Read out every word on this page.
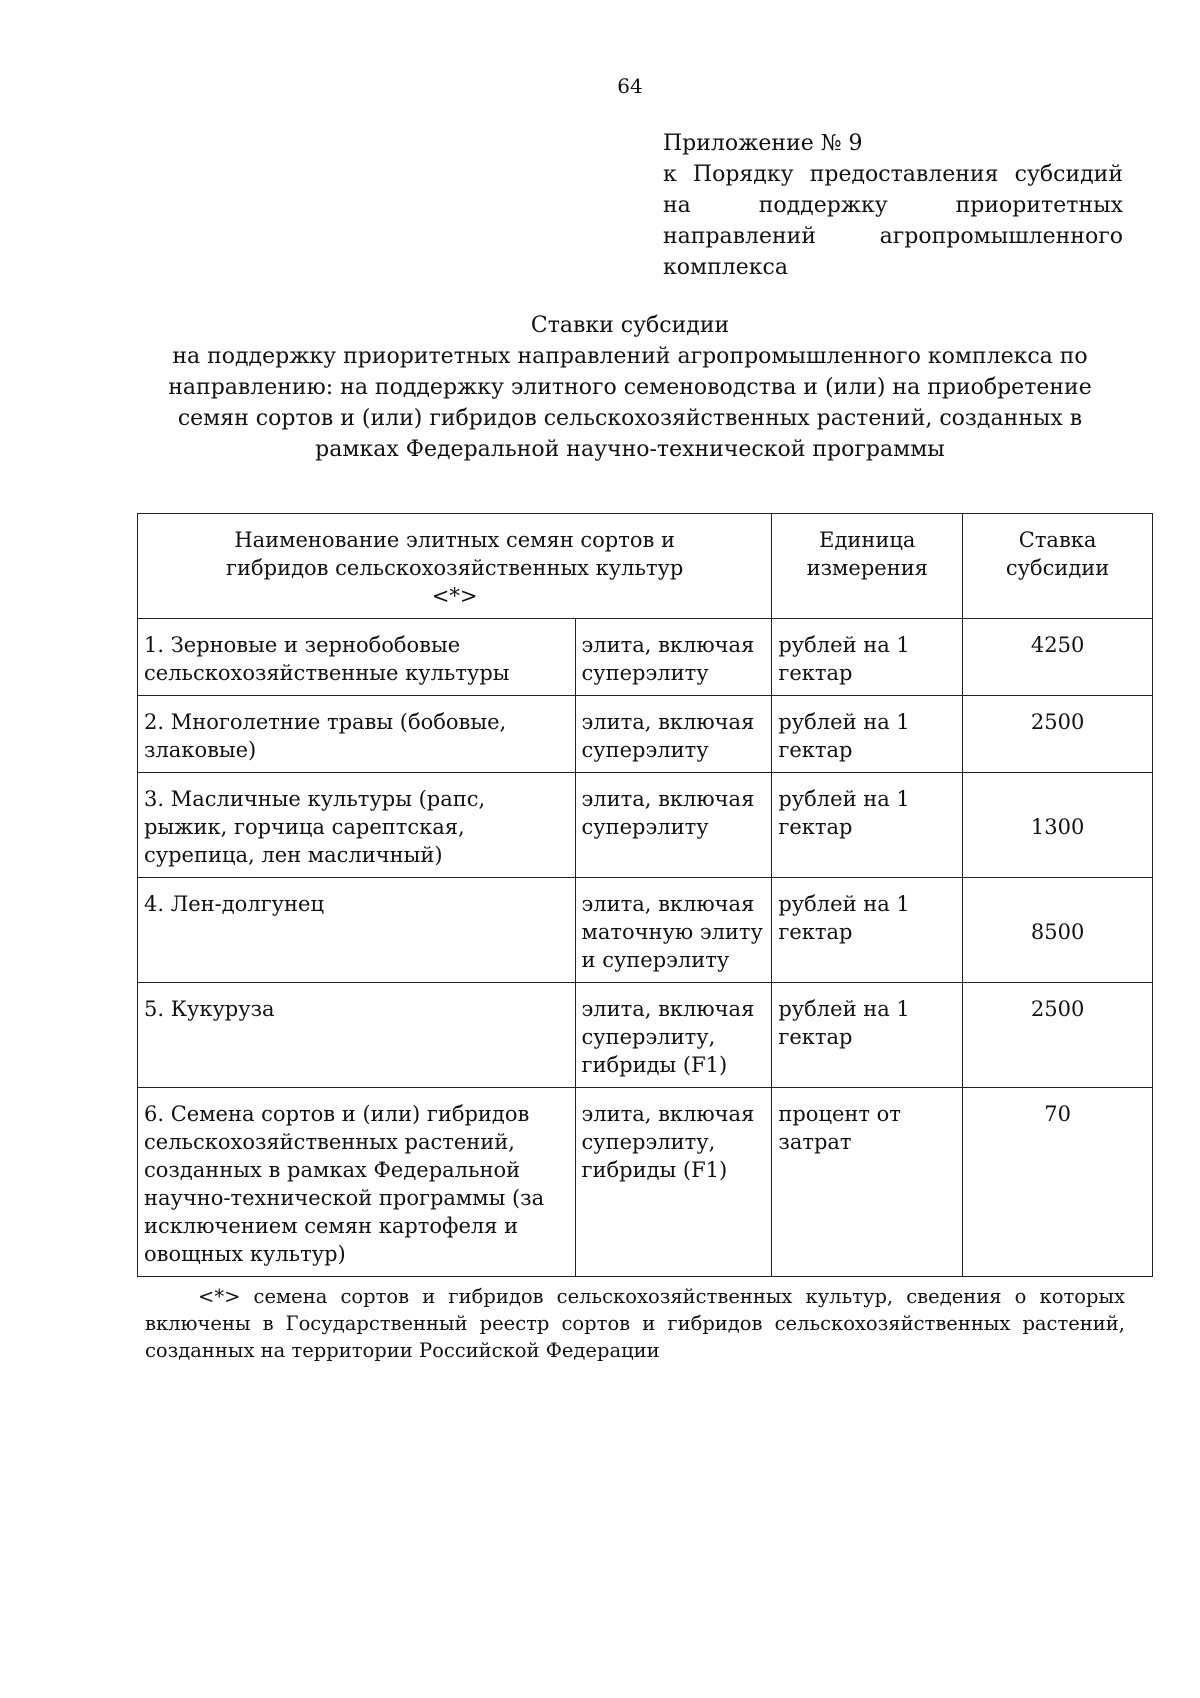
64
Приложение № 9
к Порядку предоставления субсидий на поддержку приоритетных направлений агропромышленного комплекса
Ставки субсидии
на поддержку приоритетных направлений агропромышленного комплекса по направлению: на поддержку элитного семеноводства и (или) на приобретение семян сортов и (или) гибридов сельскохозяйственных растений, созданных в рамках Федеральной научно-технической программы
Наименование элитных семян сортов и гибридов сельскохозяйственных культур <*>		Единица измерения	Ставка субсидии
1. Зерновые и зернобобовые сельскохозяйственные культуры	элита, включая суперэлиту	рублей на 1 гектар	4250
2. Многолетние травы (бобовые, злаковые)	элита, включая суперэлиту	рублей на 1 гектар	2500
3. Масличные культуры (рапс, рыжик, горчица сарептская, сурепица, лен масличный)	элита, включая суперэлиту	рублей на 1 гектар	1300
4. Лен-долгунец	элита, включая маточную элиту и суперэлиту	рублей на 1 гектар	8500
5. Кукуруза	элита, включая суперэлиту, гибриды (F1)	рублей на 1 гектар	2500
6. Семена сортов и (или) гибридов сельскохозяйственных растений, созданных в рамках Федеральной научно-технической программы (за исключением семян картофеля и овощных культур)	элита, включая суперэлиту, гибриды (F1)	процент от затрат	70
<*> семена сортов и гибридов сельскохозяйственных культур, сведения о которых включены в Государственный реестр сортов и гибридов сельскохозяйственных растений, созданных на территории Российской Федерации
